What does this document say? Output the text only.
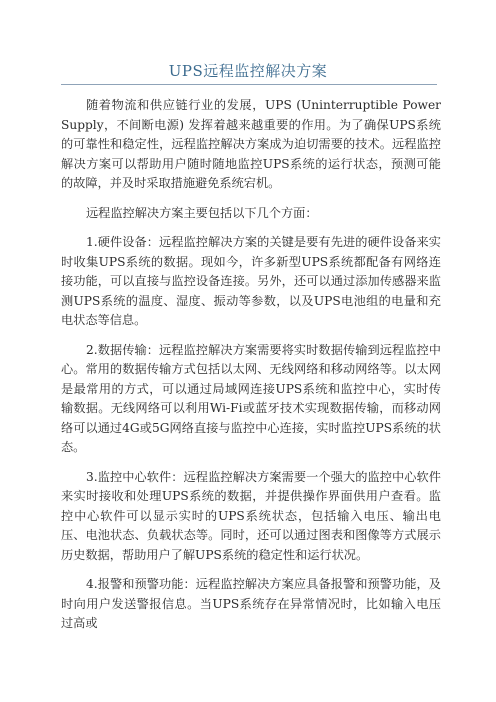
UPS远程监控解决方案

随着物流和供应链行业的发展，UPS (Uninterruptible Power Supply，不间断电源) 发挥着越来越重要的作用。为了确保UPS系统的可靠性和稳定性，远程监控解决方案成为迫切需要的技术。远程监控解决方案可以帮助用户随时随地监控UPS系统的运行状态，预测可能的故障，并及时采取措施避免系统宕机。

远程监控解决方案主要包括以下几个方面：

1.硬件设备：远程监控解决方案的关键是要有先进的硬件设备来实时收集UPS系统的数据。现如今，许多新型UPS系统都配备有网络连接功能，可以直接与监控设备连接。另外，还可以通过添加传感器来监测UPS系统的温度、湿度、振动等参数，以及UPS电池组的电量和充电状态等信息。

2.数据传输：远程监控解决方案需要将实时数据传输到远程监控中心。常用的数据传输方式包括以太网、无线网络和移动网络等。以太网是最常用的方式，可以通过局域网连接UPS系统和监控中心，实时传输数据。无线网络可以利用Wi-Fi或蓝牙技术实现数据传输，而移动网络可以通过4G或5G网络直接与监控中心连接，实时监控UPS系统的状态。

3.监控中心软件：远程监控解决方案需要一个强大的监控中心软件来实时接收和处理UPS系统的数据，并提供操作界面供用户查看。监控中心软件可以显示实时的UPS系统状态，包括输入电压、输出电压、电池状态、负载状态等。同时，还可以通过图表和图像等方式展示历史数据，帮助用户了解UPS系统的稳定性和运行状况。

4.报警和预警功能：远程监控解决方案应具备报警和预警功能，及时向用户发送警报信息。当UPS系统存在异常情况时，比如输入电压过高或
